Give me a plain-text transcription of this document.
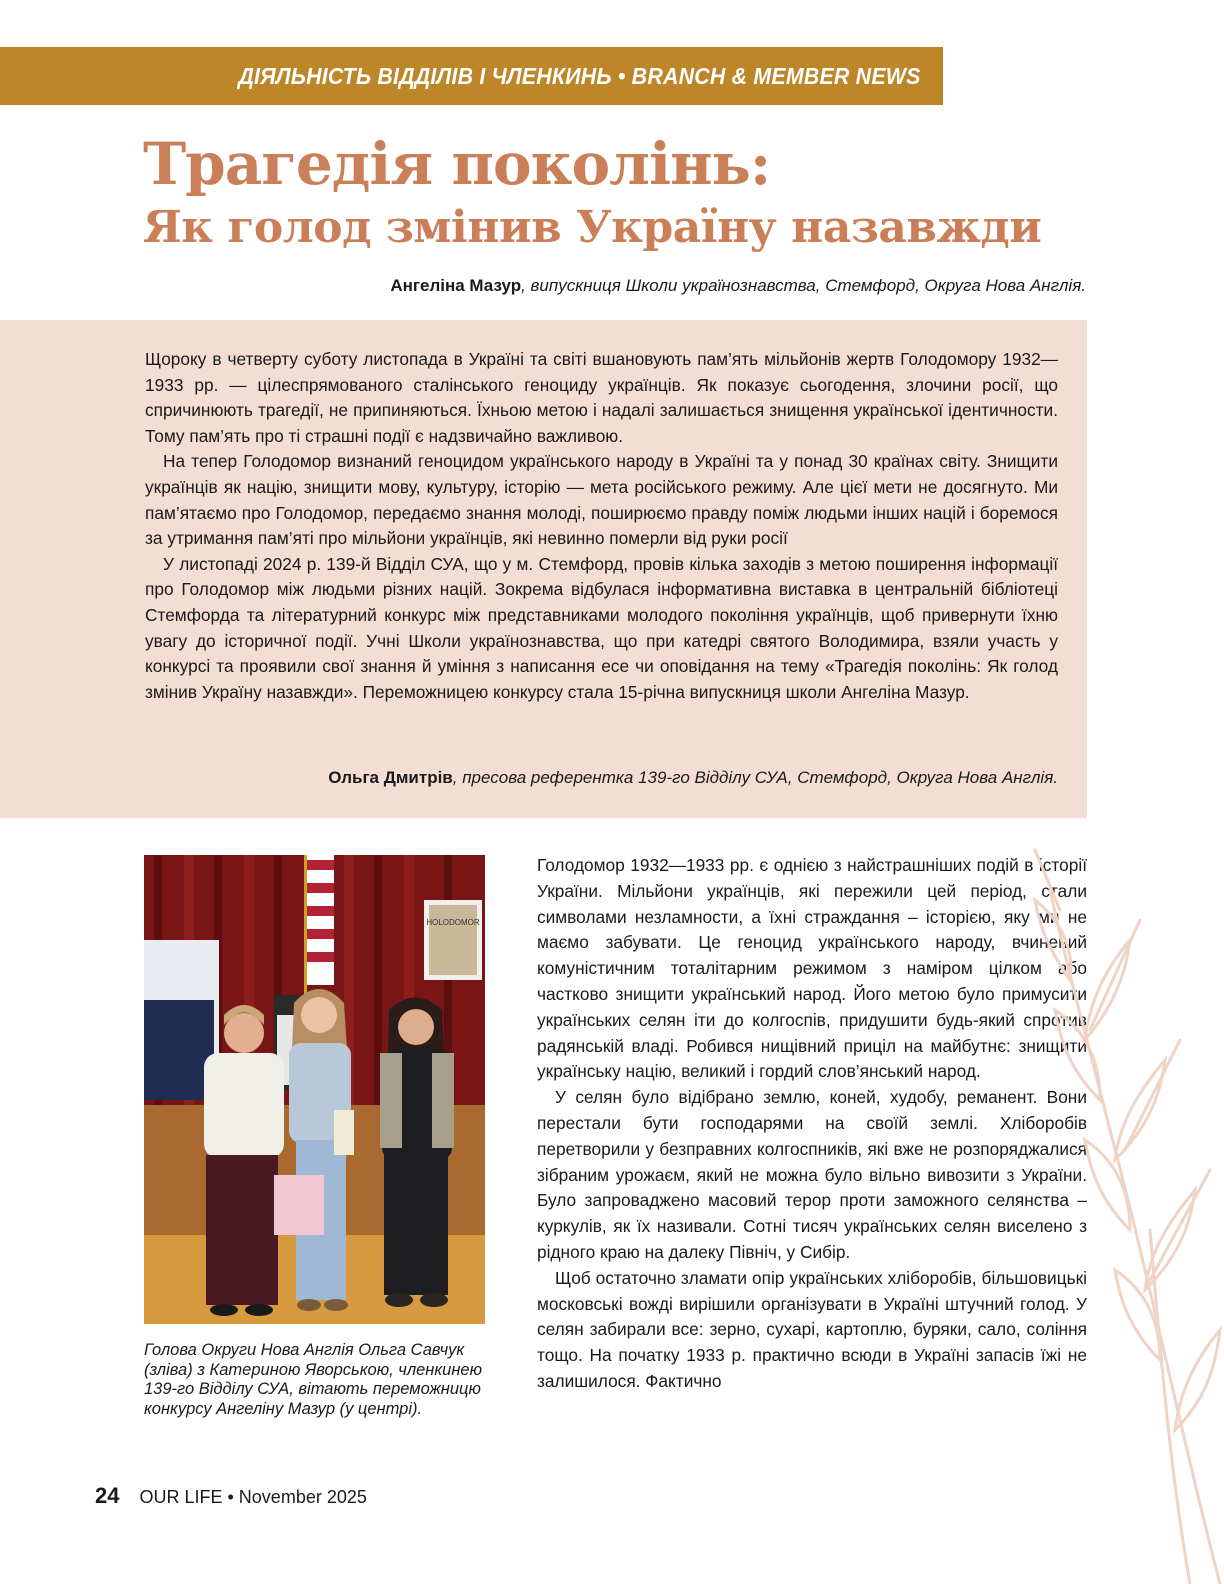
ДІЯЛЬНІСТЬ ВІДДІЛІВ І ЧЛЕНКИНЬ • BRANCH & MEMBER NEWS
Трагедія поколінь:
Як голод змінив Україну назавжди
Ангеліна Мазур, випускниця Школи українознавства, Стемфорд, Округа Нова Англія.

Щороку в четверту суботу листопада в Україні та світі вшановують пам’ять мільйонів жертв Голодомору 1932—1933 рр. — цілеспрямованого сталінського геноциду українців. Як показує сьогодення, злочини росії, що спричинюють трагедії, не припиняються. Їхньою метою і надалі залишається знищення української ідентичности. Тому пам’ять про ті страшні події є надзвичайно важливою.

На тепер Голодомор визнаний геноцидом українського народу в Україні та у понад 30 країнах світу. Знищити українців як націю, знищити мову, культуру, історію — мета російського режиму. Але цієї мети не досягнуто. Ми пам’ятаємо про Голодомор, передаємо знання молоді, поширюємо правду поміж людьми інших націй і боремося за утримання пам’яті про мільйони українців, які невинно померли від руки росії

У листопаді 2024 р. 139-й Відділ СУА, що у м. Стемфорд, провів кілька заходів з метою поширення інформації про Голодомор між людьми різних націй. Зокрема відбулася інформативна виставка в центральній бібліотеці Стемфорда та літературний конкурс між представниками молодого покоління українців, щоб привернути їхню увагу до історичної події. Учні Школи українознавства, що при катедрі святого Володимира, взяли участь у конкурсі та проявили свої знання й уміння з написання есе чи оповідання на тему «Трагедія поколінь: Як голод змінив Україну назавжди». Переможницею конкурсу стала 15-річна випускниця школи Ангеліна Мазур.

Ольга Дмитрів, пресова референтка 139-го Відділу СУА, Стемфорд, Округа Нова Англія.
HOLODOMOR
Голова Округи Нова Англія Ольга Савчук (зліва) з Катериною Яворською, членкинею 139-го Відділу СУА, вітають переможницю конкурсу Ангеліну Мазур (у центрі).

Голодомор 1932—1933 рр. є однією з найстрашніших подій в історії України. Мільйони українців, які пережили цей період, стали символами незламности, а їхні страждання – історією, яку ми не маємо забувати. Це геноцид українського народу, вчинений комуністичним тоталітарним режимом з наміром цілком або частково знищити український народ. Його метою було примусити українських селян іти до колгоспів, придушити будь-який спротив радянській владі. Робився нищівний приціл на майбутнє: знищити українську націю, великий і гордий слов’янський народ.

У селян було відібрано землю, коней, худобу, реманент. Вони перестали бути господарями на своїй землі. Хліборобів перетворили у безправних колгоспників, які вже не розпоряджалися зібраним урожаєм, який не можна було вільно вивозити з України. Було запроваджено масовий терор проти заможного селянства – куркулів, як їх називали. Сотні тисяч українських селян виселено з рідного краю на далеку Північ, у Сибір.

Щоб остаточно зламати опір українських хліборобів, більшовицькі московські вожді вирішили організувати в Україні штучний голод. У селян забирали все: зерно, сухарі, картоплю, буряки, сало, соління тощо. На початку 1933 р. практично всюди в Україні запасів їжі не залишилося. Фактично

24 OUR LIFE • November 2025
